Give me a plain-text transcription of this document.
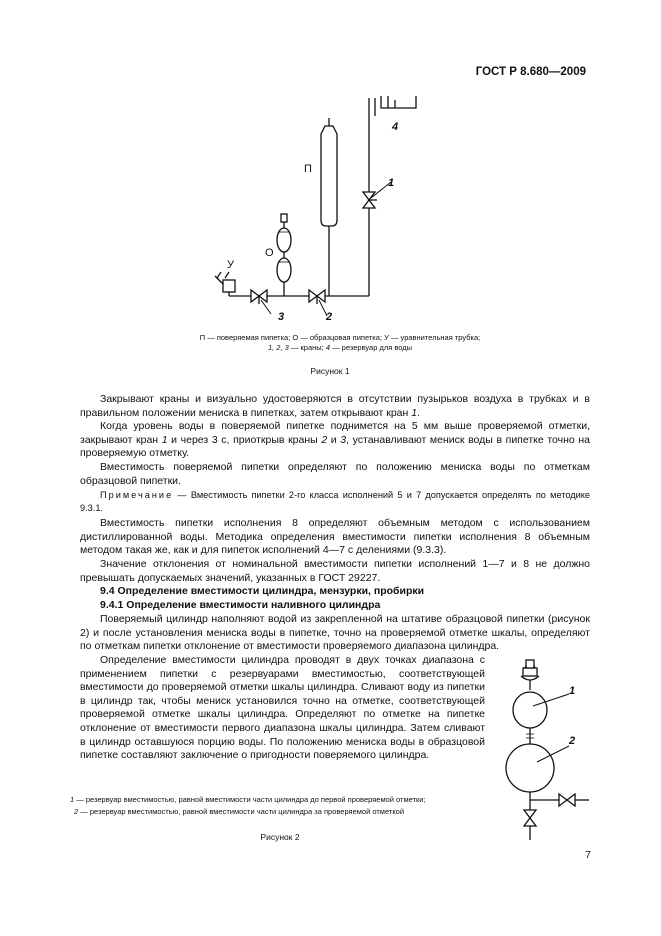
ГОСТ Р 8.680—2009
П
О
У
1
2
3
4
П — поверяемая пипетка; О — образцовая пипетка; У — уравнительная трубка;
1, 2, 3 — краны; 4 — резервуар для воды
Рисунок 1
Закрывают краны и визуально удостоверяются в отсутствии пузырьков воздуха в трубках и в правильном положении мениска в пипетках, затем открывают кран 1.
Когда уровень воды в поверяемой пипетке поднимется на 5 мм выше проверяемой отметки, закрывают кран 1 и через 3 с, приоткрыв краны 2 и 3, устанавливают мениск воды в пипетке точно на проверяемую отметку.
Вместимость поверяемой пипетки определяют по положению мениска воды по отметкам образцовой пипетки.
Примечание — Вместимость пипетки 2-го класса исполнений 5 и 7 допускается определять по методике 9.3.1.
Вместимость пипетки исполнения 8 определяют объемным методом с использованием дистиллированной воды. Методика определения вместимости пипетки исполнения 8 объемным методом такая же, как и для пипеток исполнений 4—7 с делениями (9.3.3).
Значение отклонения от номинальной вместимости пипетки исполнений 1—7 и 8 не должно превышать допускаемых значений, указанных в ГОСТ 29227.
9.4 Определение вместимости цилиндра, мензурки, пробирки
9.4.1 Определение вместимости наливного цилиндра
Поверяемый цилиндр наполняют водой из закрепленной на штативе образцовой пипетки (рисунок 2) и после установления мениска воды в пипетке, точно на проверяемой отметке шкалы, определяют по отметкам пипетки отклонение от вместимости проверяемого диапазона цилиндра.
Определение вместимости цилиндра проводят в двух точках диапазона с применением пипетки с резервуарами вместимостью, соответствующей вместимости до проверяемой отметки шкалы цилиндра. Сливают воду из пипетки в цилиндр так, чтобы мениск установился точно на отметке, соответствующей проверяемой отметке шкалы цилиндра. Определяют по отметке на пипетке отклонение от вместимости первого диапазона шкалы цилиндра. Затем сливают в цилиндр оставшуюся порцию воды. По положению мениска воды в образцовой пипетке составляют заключение о пригодности поверяемого цилиндра.
1
2
1 — резервуар вместимостью, равной вместимости части цилиндра до первой проверяемой отметки;
2 — резервуар вместимостью, равной вместимости части цилиндра за проверяемой отметкой
Рисунок 2
7
